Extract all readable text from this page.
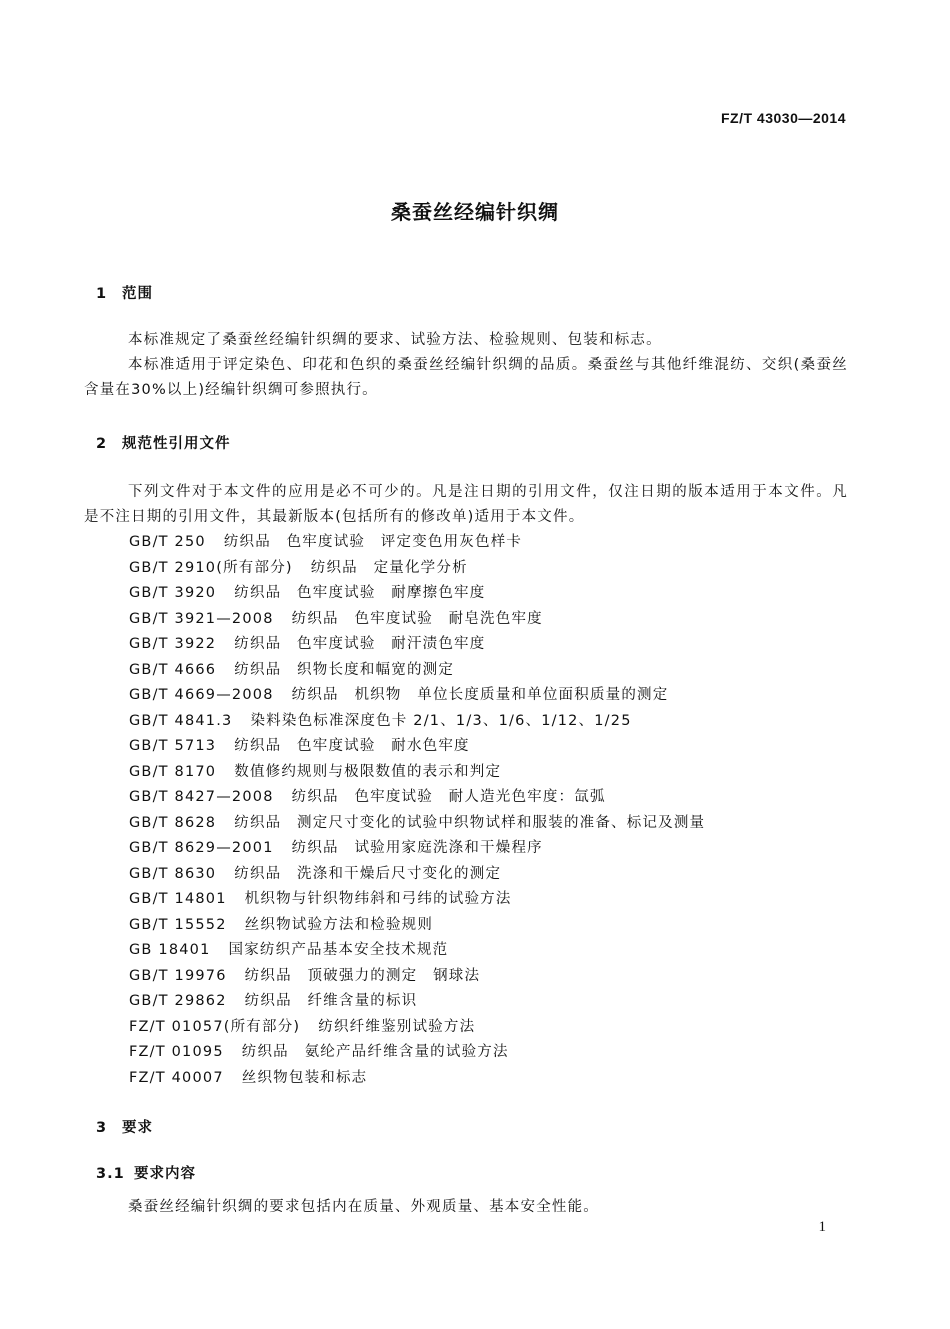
FZ/T 43030—2014
桑蚕丝经编针织绸
1 范围

本标准规定了桑蚕丝经编针织绸的要求、试验方法、检验规则、包装和标志。

本标准适用于评定染色、印花和色织的桑蚕丝经编针织绸的品质。桑蚕丝与其他纤维混纺、交织(桑蚕丝含量在30%以上)经编针织绸可参照执行。

2 规范性引用文件

下列文件对于本文件的应用是必不可少的。凡是注日期的引用文件，仅注日期的版本适用于本文件。凡是不注日期的引用文件，其最新版本(包括所有的修改单)适用于本文件。

GB/T 250 纺织品　色牢度试验　评定变色用灰色样卡
GB/T 2910(所有部分) 纺织品　定量化学分析
GB/T 3920 纺织品　色牢度试验　耐摩擦色牢度
GB/T 3921—2008 纺织品　色牢度试验　耐皂洗色牢度
GB/T 3922 纺织品　色牢度试验　耐汗渍色牢度
GB/T 4666 纺织品　织物长度和幅宽的测定
GB/T 4669—2008 纺织品　机织物　单位长度质量和单位面积质量的测定
GB/T 4841.3 染料染色标准深度色卡 2/1、1/3、1/6、1/12、1/25
GB/T 5713 纺织品　色牢度试验　耐水色牢度
GB/T 8170 数值修约规则与极限数值的表示和判定
GB/T 8427—2008 纺织品　色牢度试验　耐人造光色牢度：氙弧
GB/T 8628 纺织品　测定尺寸变化的试验中织物试样和服装的准备、标记及测量
GB/T 8629—2001 纺织品　试验用家庭洗涤和干燥程序
GB/T 8630 纺织品　洗涤和干燥后尺寸变化的测定
GB/T 14801 机织物与针织物纬斜和弓纬的试验方法
GB/T 15552 丝织物试验方法和检验规则
GB 18401 国家纺织产品基本安全技术规范
GB/T 19976 纺织品　顶破强力的测定　钢球法
GB/T 29862 纺织品　纤维含量的标识
FZ/T 01057(所有部分) 纺织纤维鉴别试验方法
FZ/T 01095 纺织品　氨纶产品纤维含量的试验方法
FZ/T 40007 丝织物包装和标志
3 要求
3.1 要求内容

桑蚕丝经编针织绸的要求包括内在质量、外观质量、基本安全性能。

1
